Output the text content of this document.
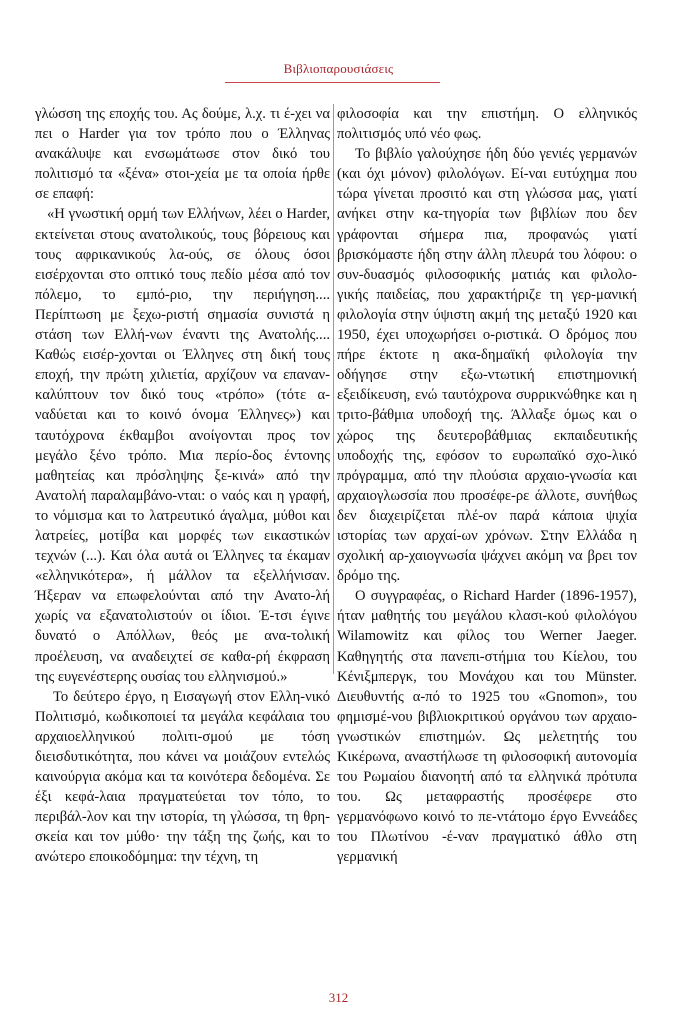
Βιβλιοπαρουσιάσεις

γλώσση της εποχής του. Ας δούμε, λ.χ. τι έ-χει να πει ο Harder για τον τρόπο που ο Έλληνας ανακάλυψε και ενσωμάτωσε στον δικό του πολιτισμό τα «ξένα» στοι-χεία με τα οποία ήρθε σε επαφή:

«Η γνωστική ορμή των Ελλήνων, λέει ο Harder, εκτείνεται στους ανατολικούς, τους βόρειους και τους αφρικανικούς λα-ούς, σε όλους όσοι εισέρχονται στο οπτικό τους πεδίο μέσα από τον πόλεμο, το εμπό-ριο, την περιήγηση.... Περίπτωση με ξεχω-ριστή σημασία συνιστά η στάση των Ελλή-νων έναντι της Ανατολής.... Καθώς εισέρ-χονται οι Έλληνες στη δική τους εποχή, την πρώτη χιλιετία, αρχίζουν να επαναν-καλύπτουν τον δικό τους «τρόπο» (τότε α-ναδύεται και το κοινό όνομα Έλληνες») και ταυτόχρονα έκθαμβοι ανοίγονται προς τον μεγάλο ξένο τρόπο. Μια περίο-δος έντονης μαθητείας και πρόσληψης ξε-κινά» από την Ανατολή παραλαμβάνο-νται: ο ναός και η γραφή, το νόμισμα και το λατρευτικό άγαλμα, μύθοι και λατρείες, μοτίβα και μορφές των εικαστικών τεχνών (...). Και όλα αυτά οι Έλληνες τα έκαμαν «ελληνικότερα», ή μάλλον τα εξελλήνισαν. Ήξεραν να επωφελούνται από την Ανατο-λή χωρίς να εξανατολιστούν οι ίδιοι. Έ-τσι έγινε δυνατό ο Απόλλων, θεός με ανα-τολική προέλευση, να αναδειχτεί σε καθα-ρή έκφραση της ευγενέστερης ουσίας του ελληνισμού.»

Το δεύτερο έργο, η Εισαγωγή στον Ελλη-νικό Πολιτισμό, κωδικοποιεί τα μεγάλα κεφάλαια του αρχαιοελληνικού πολιτι-σμού με τόση διεισδυτικότητα, που κάνει να μοιάζουν εντελώς καινούργια ακόμα και τα κοινότερα δεδομένα. Σε έξι κεφά-λαια πραγματεύεται τον τόπο, το περιβάλ-λον και την ιστορία, τη γλώσσα, τη θρη-σκεία και τον μύθο· την τάξη της ζωής, και το ανώτερο εποικοδόμημα: την τέχνη, τη

φιλοσοφία και την επιστήμη. Ο ελληνικός πολιτισμός υπό νέο φως.

Το βιβλίο γαλούχησε ήδη δύο γενιές γερμανών (και όχι μόνον) φιλολόγων. Εί-ναι ευτύχημα που τώρα γίνεται προσιτό και στη γλώσσα μας, γιατί ανήκει στην κα-τηγορία των βιβλίων που δεν γράφονται σήμερα πια, προφανώς γιατί βρισκόμαστε ήδη στην άλλη πλευρά του λόφου: ο συν-δυασμός φιλοσοφικής ματιάς και φιλολο-γικής παιδείας, που χαρακτήριζε τη γερ-μανική φιλολογία στην ύψιστη ακμή της μεταξύ 1920 και 1950, έχει υποχωρήσει ο-ριστικά. Ο δρόμος που πήρε έκτοτε η ακα-δημαϊκή φιλολογία την οδήγησε στην εξω-ντωτική επιστημονική εξειδίκευση, ενώ ταυτόχρονα συρρικνώθηκε και η τριτο-βάθμια υποδοχή της. Άλλαξε όμως και ο χώρος της δευτεροβάθμιας εκπαιδευτικής υποδοχής της, εφόσον το ευρωπαϊκό σχο-λικό πρόγραμμα, από την πλούσια αρχαιο-γνωσία και αρχαιογλωσσία που προσέφε-ρε άλλοτε, συνήθως δεν διαχειρίζεται πλέ-ον παρά κάποια ψιχία ιστορίας των αρχαί-ων χρόνων. Στην Ελλάδα η σχολική αρ-χαιογνωσία ψάχνει ακόμη να βρει τον δρόμο της.

Ο συγγραφέας, ο Richard Harder (1896-1957), ήταν μαθητής του μεγάλου κλασι-κού φιλολόγου Wilamowitz και φίλος του Werner Jaeger. Καθηγητής στα πανεπι-στήμια του Κίελου, του Κένιξμπεργκ, του Μονάχου και του Münster. Διευθυντής α-πό το 1925 του «Gnomon», του φημισμέ-νου βιβλιοκριτικού οργάνου των αρχαιο-γνωστικών επιστημών. Ως μελετητής του Κικέρωνα, αναστήλωσε τη φιλοσοφική αυτονομία του Ρωμαίου διανοητή από τα ελληνικά πρότυπα του. Ως μεταφραστής προσέφερε στο γερμανόφωνο κοινό το πε-ντάτομο έργο Εννεάδες του Πλωτίνου -έ-ναν πραγματικό άθλο στη γερμανική

312
